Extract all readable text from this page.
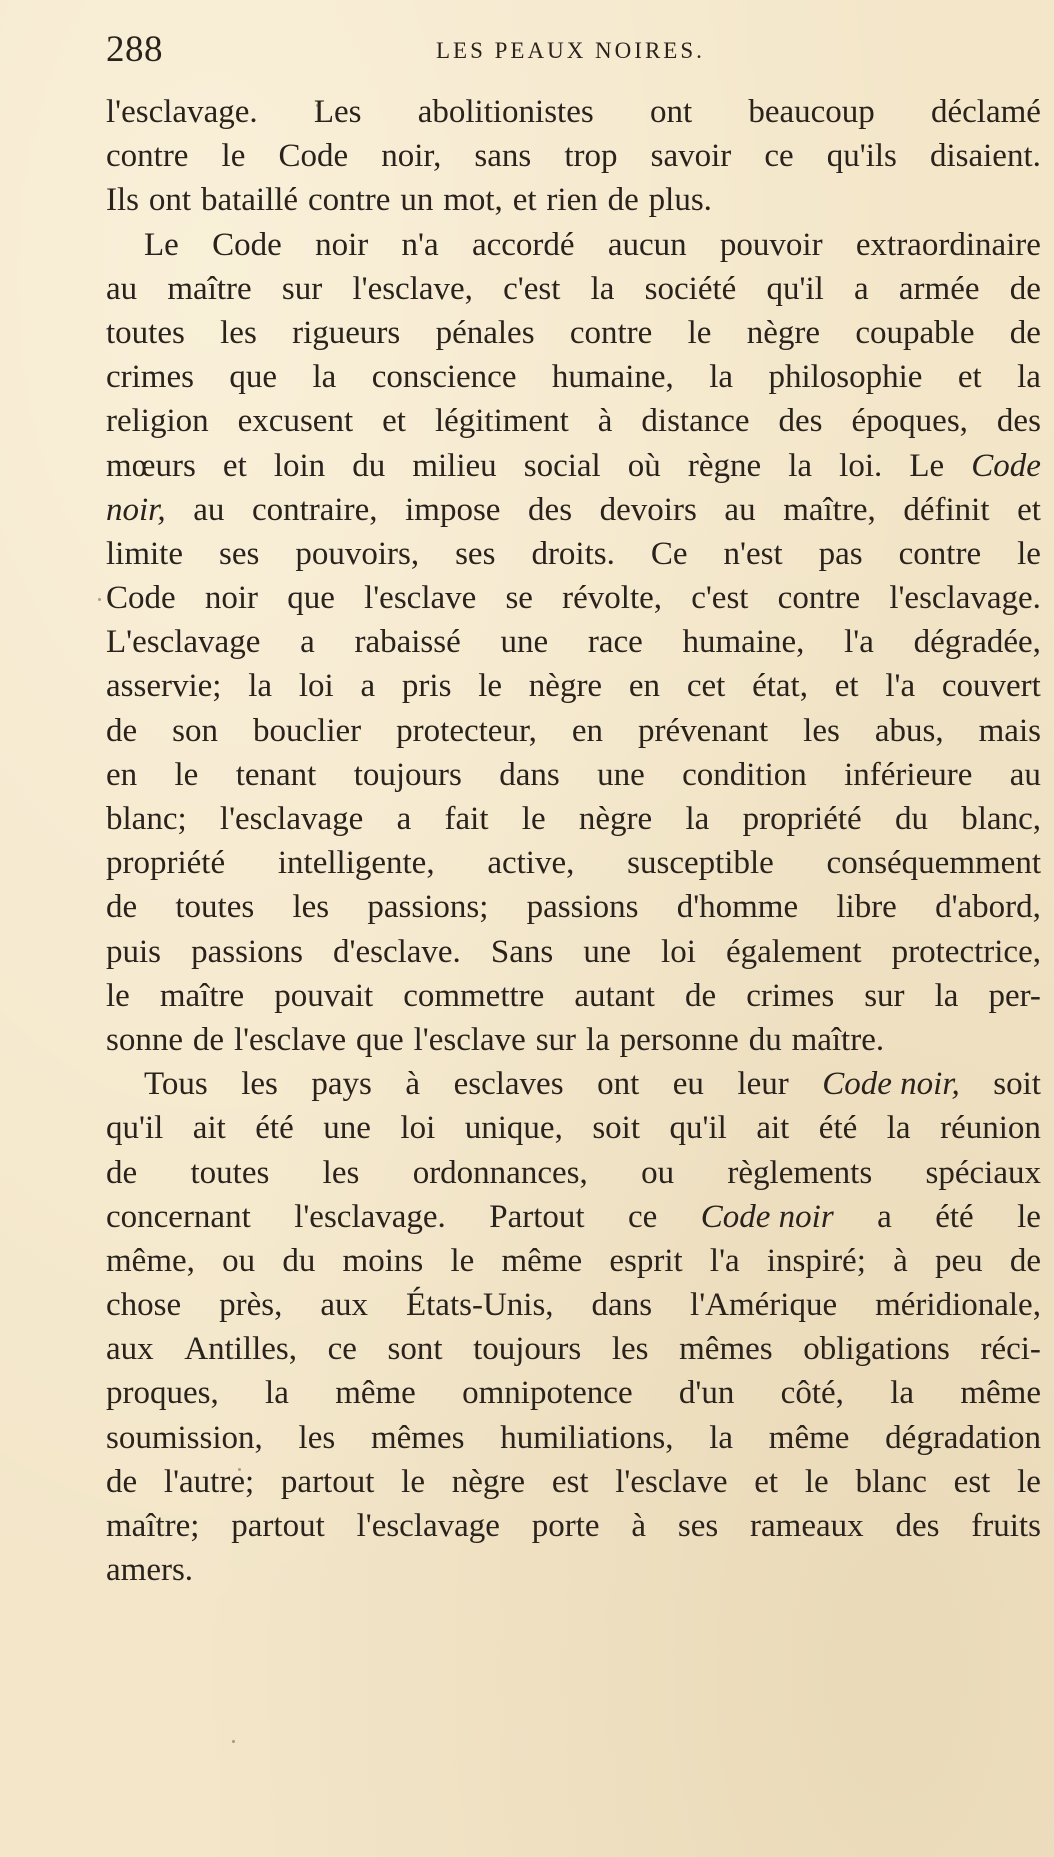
288	LES PEAUX NOIRES.
l'esclavage. Les abolitionistes ont beaucoup déclamé
contre le Code noir, sans trop savoir ce qu'ils disaient.
Ils ont bataillé contre un mot, et rien de plus.
Le Code noir n'a accordé aucun pouvoir extraordinaire
au maître sur l'esclave, c'est la société qu'il a armée de
toutes les rigueurs pénales contre le nègre coupable de
crimes que la conscience humaine, la philosophie et la
religion excusent et légitiment à distance des époques, des
mœurs et loin du milieu social où règne la loi. Le Code
noir, au contraire, impose des devoirs au maître, définit et
limite ses pouvoirs, ses droits. Ce n'est pas contre le
Code noir que l'esclave se révolte, c'est contre l'esclavage.
L'esclavage a rabaissé une race humaine, l'a dégradée,
asservie; la loi a pris le nègre en cet état, et l'a couvert
de son bouclier protecteur, en prévenant les abus, mais
en le tenant toujours dans une condition inférieure au
blanc; l'esclavage a fait le nègre la propriété du blanc,
propriété intelligente, active, susceptible conséquemment
de toutes les passions; passions d'homme libre d'abord,
puis passions d'esclave. Sans une loi également protectrice,
le maître pouvait commettre autant de crimes sur la per-
sonne de l'esclave que l'esclave sur la personne du maître.
Tous les pays à esclaves ont eu leur Code noir, soit
qu'il ait été une loi unique, soit qu'il ait été la réunion
de toutes les ordonnances, ou règlements spéciaux
concernant l'esclavage. Partout ce Code noir a été le
même, ou du moins le même esprit l'a inspiré; à peu de
chose près, aux États-Unis, dans l'Amérique méridionale,
aux Antilles, ce sont toujours les mêmes obligations réci-
proques, la même omnipotence d'un côté, la même
soumission, les mêmes humiliations, la même dégradation
de l'autre; partout le nègre est l'esclave et le blanc est le
maître; partout l'esclavage porte à ses rameaux des fruits
amers.
